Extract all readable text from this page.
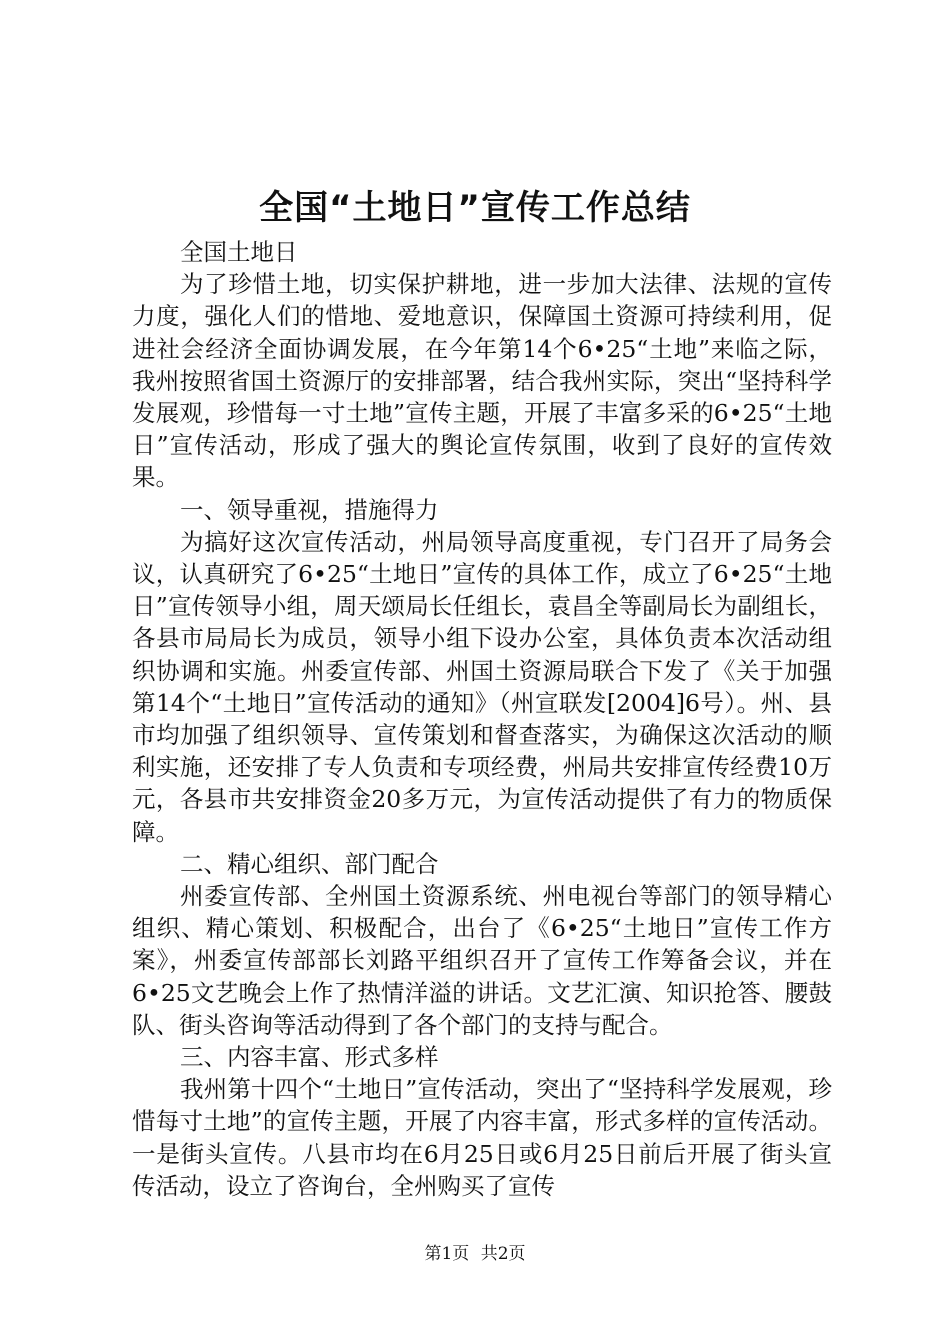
全国“土地日”宣传工作总结

全国土地日

为了珍惜土地，切实保护耕地，进一步加大法律、法规的宣传力度，强化人们的惜地、爱地意识，保障国土资源可持续利用，促进社会经济全面协调发展，在今年第14个6•25“土地”来临之际，我州按照省国土资源厅的安排部署，结合我州实际，突出“坚持科学发展观，珍惜每一寸土地”宣传主题，开展了丰富多采的6•25“土地日”宣传活动，形成了强大的舆论宣传氛围，收到了良好的宣传效果。

一、领导重视，措施得力

为搞好这次宣传活动，州局领导高度重视，专门召开了局务会议，认真研究了6•25“土地日”宣传的具体工作，成立了6•25“土地日”宣传领导小组，周天颂局长任组长，袁昌全等副局长为副组长，各县市局局长为成员，领导小组下设办公室，具体负责本次活动组织协调和实施。州委宣传部、州国土资源局联合下发了《关于加强第14个“土地日”宣传活动的通知》（州宣联发[2004]6号）。州、县市均加强了组织领导、宣传策划和督查落实，为确保这次活动的顺利实施，还安排了专人负责和专项经费，州局共安排宣传经费10万元，各县市共安排资金20多万元，为宣传活动提供了有力的物质保障。

二、精心组织、部门配合

州委宣传部、全州国土资源系统、州电视台等部门的领导精心组织、精心策划、积极配合，出台了《6•25“土地日”宣传工作方案》，州委宣传部部长刘路平组织召开了宣传工作筹备会议，并在6•25文艺晚会上作了热情洋溢的讲话。文艺汇演、知识抢答、腰鼓队、街头咨询等活动得到了各个部门的支持与配合。

三、内容丰富、形式多样

我州第十四个“土地日”宣传活动，突出了“坚持科学发展观，珍惜每寸土地”的宣传主题，开展了内容丰富，形式多样的宣传活动。一是街头宣传。八县市均在6月25日或6月25日前后开展了街头宣传活动，设立了咨询台，全州购买了宣传

第1页 共2页
